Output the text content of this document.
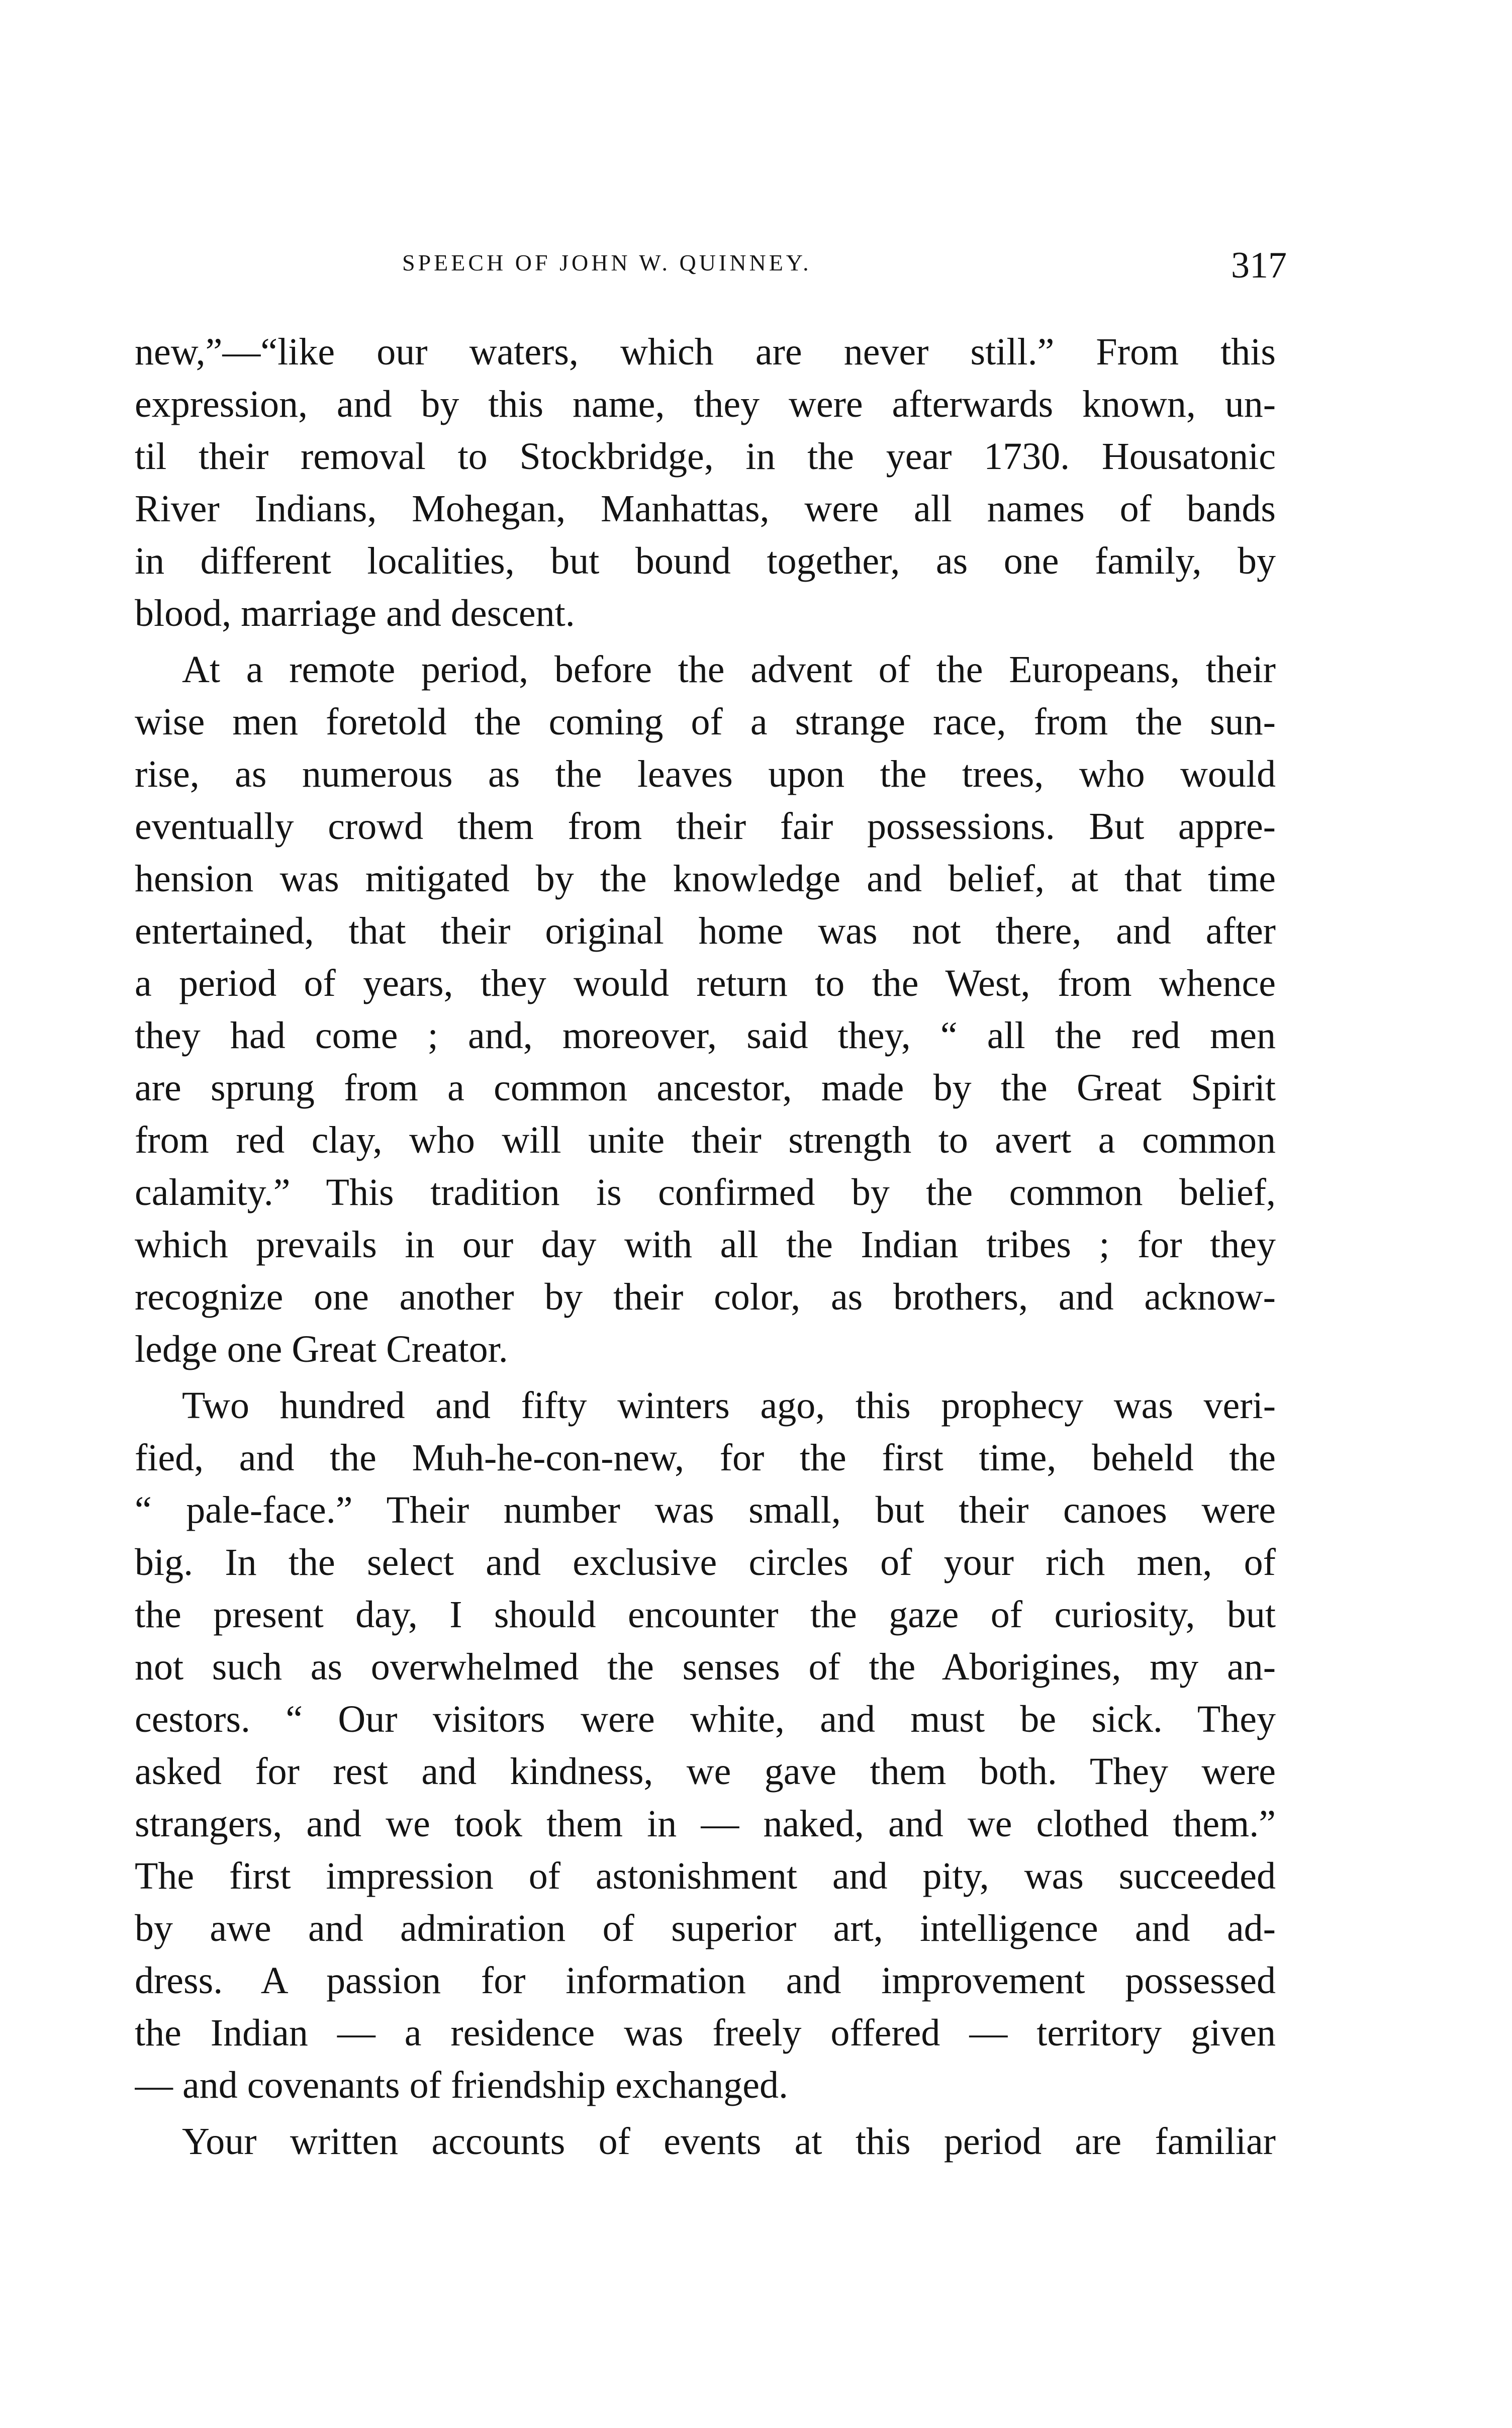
SPEECH OF JOHN W. QUINNEY.	317
new,”—“like our waters, which are never still.” From this
expression, and by this name, they were afterwards known, un-
til their removal to Stockbridge, in the year 1730. Housatonic
River Indians, Mohegan, Manhattas, were all names of bands
in different localities, but bound together, as one family, by
blood, marriage and descent.
At a remote period, before the advent of the Europeans, their
wise men foretold the coming of a strange race, from the sun-
rise, as numerous as the leaves upon the trees, who would
eventually crowd them from their fair possessions. But appre-
hension was mitigated by the knowledge and belief, at that time
entertained, that their original home was not there, and after
a period of years, they would return to the West, from whence
they had come ; and, moreover, said they, “ all the red men
are sprung from a common ancestor, made by the Great Spirit
from red clay, who will unite their strength to avert a common
calamity.” This tradition is confirmed by the common belief,
which prevails in our day with all the Indian tribes ; for they
recognize one another by their color, as brothers, and acknow-
ledge one Great Creator.
Two hundred and fifty winters ago, this prophecy was veri-
fied, and the Muh-he-con-new, for the first time, beheld the
“ pale-face.” Their number was small, but their canoes were
big. In the select and exclusive circles of your rich men, of
the present day, I should encounter the gaze of curiosity, but
not such as overwhelmed the senses of the Aborigines, my an-
cestors. “ Our visitors were white, and must be sick. They
asked for rest and kindness, we gave them both. They were
strangers, and we took them in — naked, and we clothed them.”
The first impression of astonishment and pity, was succeeded
by awe and admiration of superior art, intelligence and ad-
dress. A passion for information and improvement possessed
the Indian — a residence was freely offered — territory given
— and covenants of friendship exchanged.
Your written accounts of events at this period are familiar
